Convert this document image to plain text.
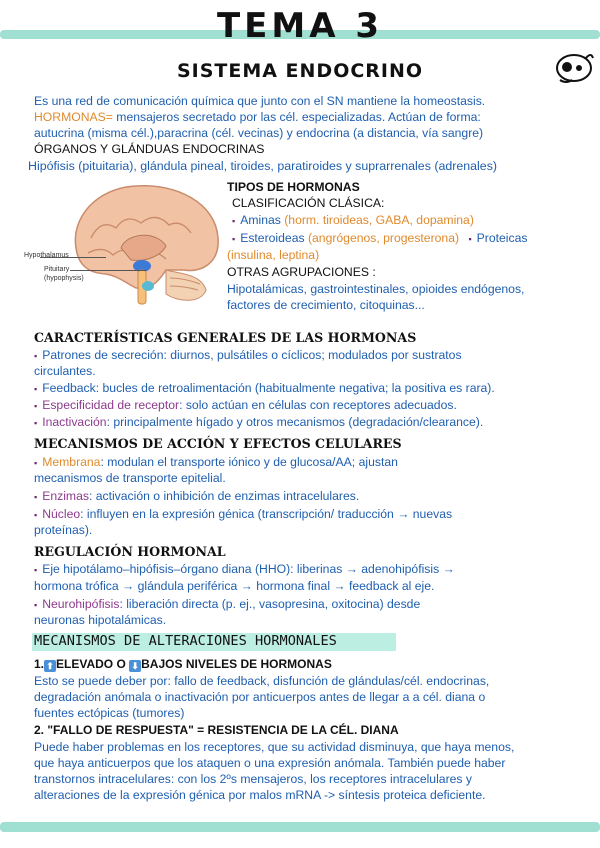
TEMA 3
SISTEMA ENDOCRINO
Es una red de comunicación química que junto con el SN mantiene la homeostasis.
HORMONAS= mensajeros secretado por las cél. especializadas. Actúan de forma:
autucrina (misma cél.),paracrina (cél. vecinas) y endocrina (a distancia, vía sangre)
ÓRGANOS Y GLÁNDUAS ENDOCRINAS
Hipófisis (pituitaria), glándula pineal, tiroides, paratiroides y suprarrenales (adrenales)
Hypothalamus
Pituitary
(hypophysis)
TIPOS DE HORMONAS
CLASIFICACIÓN CLÁSICA:
▪ Aminas (horm. tiroideas, GABA, dopamina)
▪ Esteroideas (angrógenos, progesterona) ▪ Proteicas
(insulina, leptina)
OTRAS AGRUPACIONES :
Hipotalámicas, gastrointestinales, opioides endógenos,
factores de crecimiento, citoquinas...
CARACTERÍSTICAS GENERALES DE LAS HORMONAS
▪ Patrones de secreción: diurnos, pulsátiles o cíclicos; modulados por sustratos
circulantes.
▪ Feedback: bucles de retroalimentación (habitualmente negativa; la positiva es rara).
▪ Especificidad de receptor: solo actúan en células con receptores adecuados.
▪ Inactivación: principalmente hígado y otros mecanismos (degradación/clearance).
MECANISMOS DE ACCIÓN Y EFECTOS CELULARES
▪ Membrana: modulan el transporte iónico y de glucosa/AA; ajustan
mecanismos de transporte epitelial.
▪ Enzimas: activación o inhibición de enzimas intracelulares.
▪ Núcleo: influyen en la expresión génica (transcripción/ traducción → nuevas
proteínas).
REGULACIÓN HORMONAL
▪ Eje hipotálamo–hipófisis–órgano diana (HHO): liberinas → adenohipófisis →
hormona trófica → glándula periférica → hormona final → feedback al eje.
▪ Neurohipófisis: liberación directa (p. ej., vasopresina, oxitocina) desde
neuronas hipotalámicas.
MECANISMOS DE ALTERACIONES HORMONALES
1. ⬆ ELEVADO O ⬇ BAJOS NIVELES DE HORMONAS
Esto se puede deber por: fallo de feedback, disfunción de glándulas/cél. endocrinas,
degradación anómala o inactivación por anticuerpos antes de llegar a a cél. diana o
fuentes ectópicas (tumores)
2. "FALLO DE RESPUESTA" = RESISTENCIA DE LA CÉL. DIANA
Puede haber problemas en los receptores, que su actividad disminuya, que haya menos,
que haya anticuerpos que los ataquen o una expresión anómala. También puede haber
transtornos intracelulares: con los 2ºs mensajeros, los receptores intracelulares y
alteraciones de la expresión génica por malos mRNA -> síntesis proteica deficiente.
